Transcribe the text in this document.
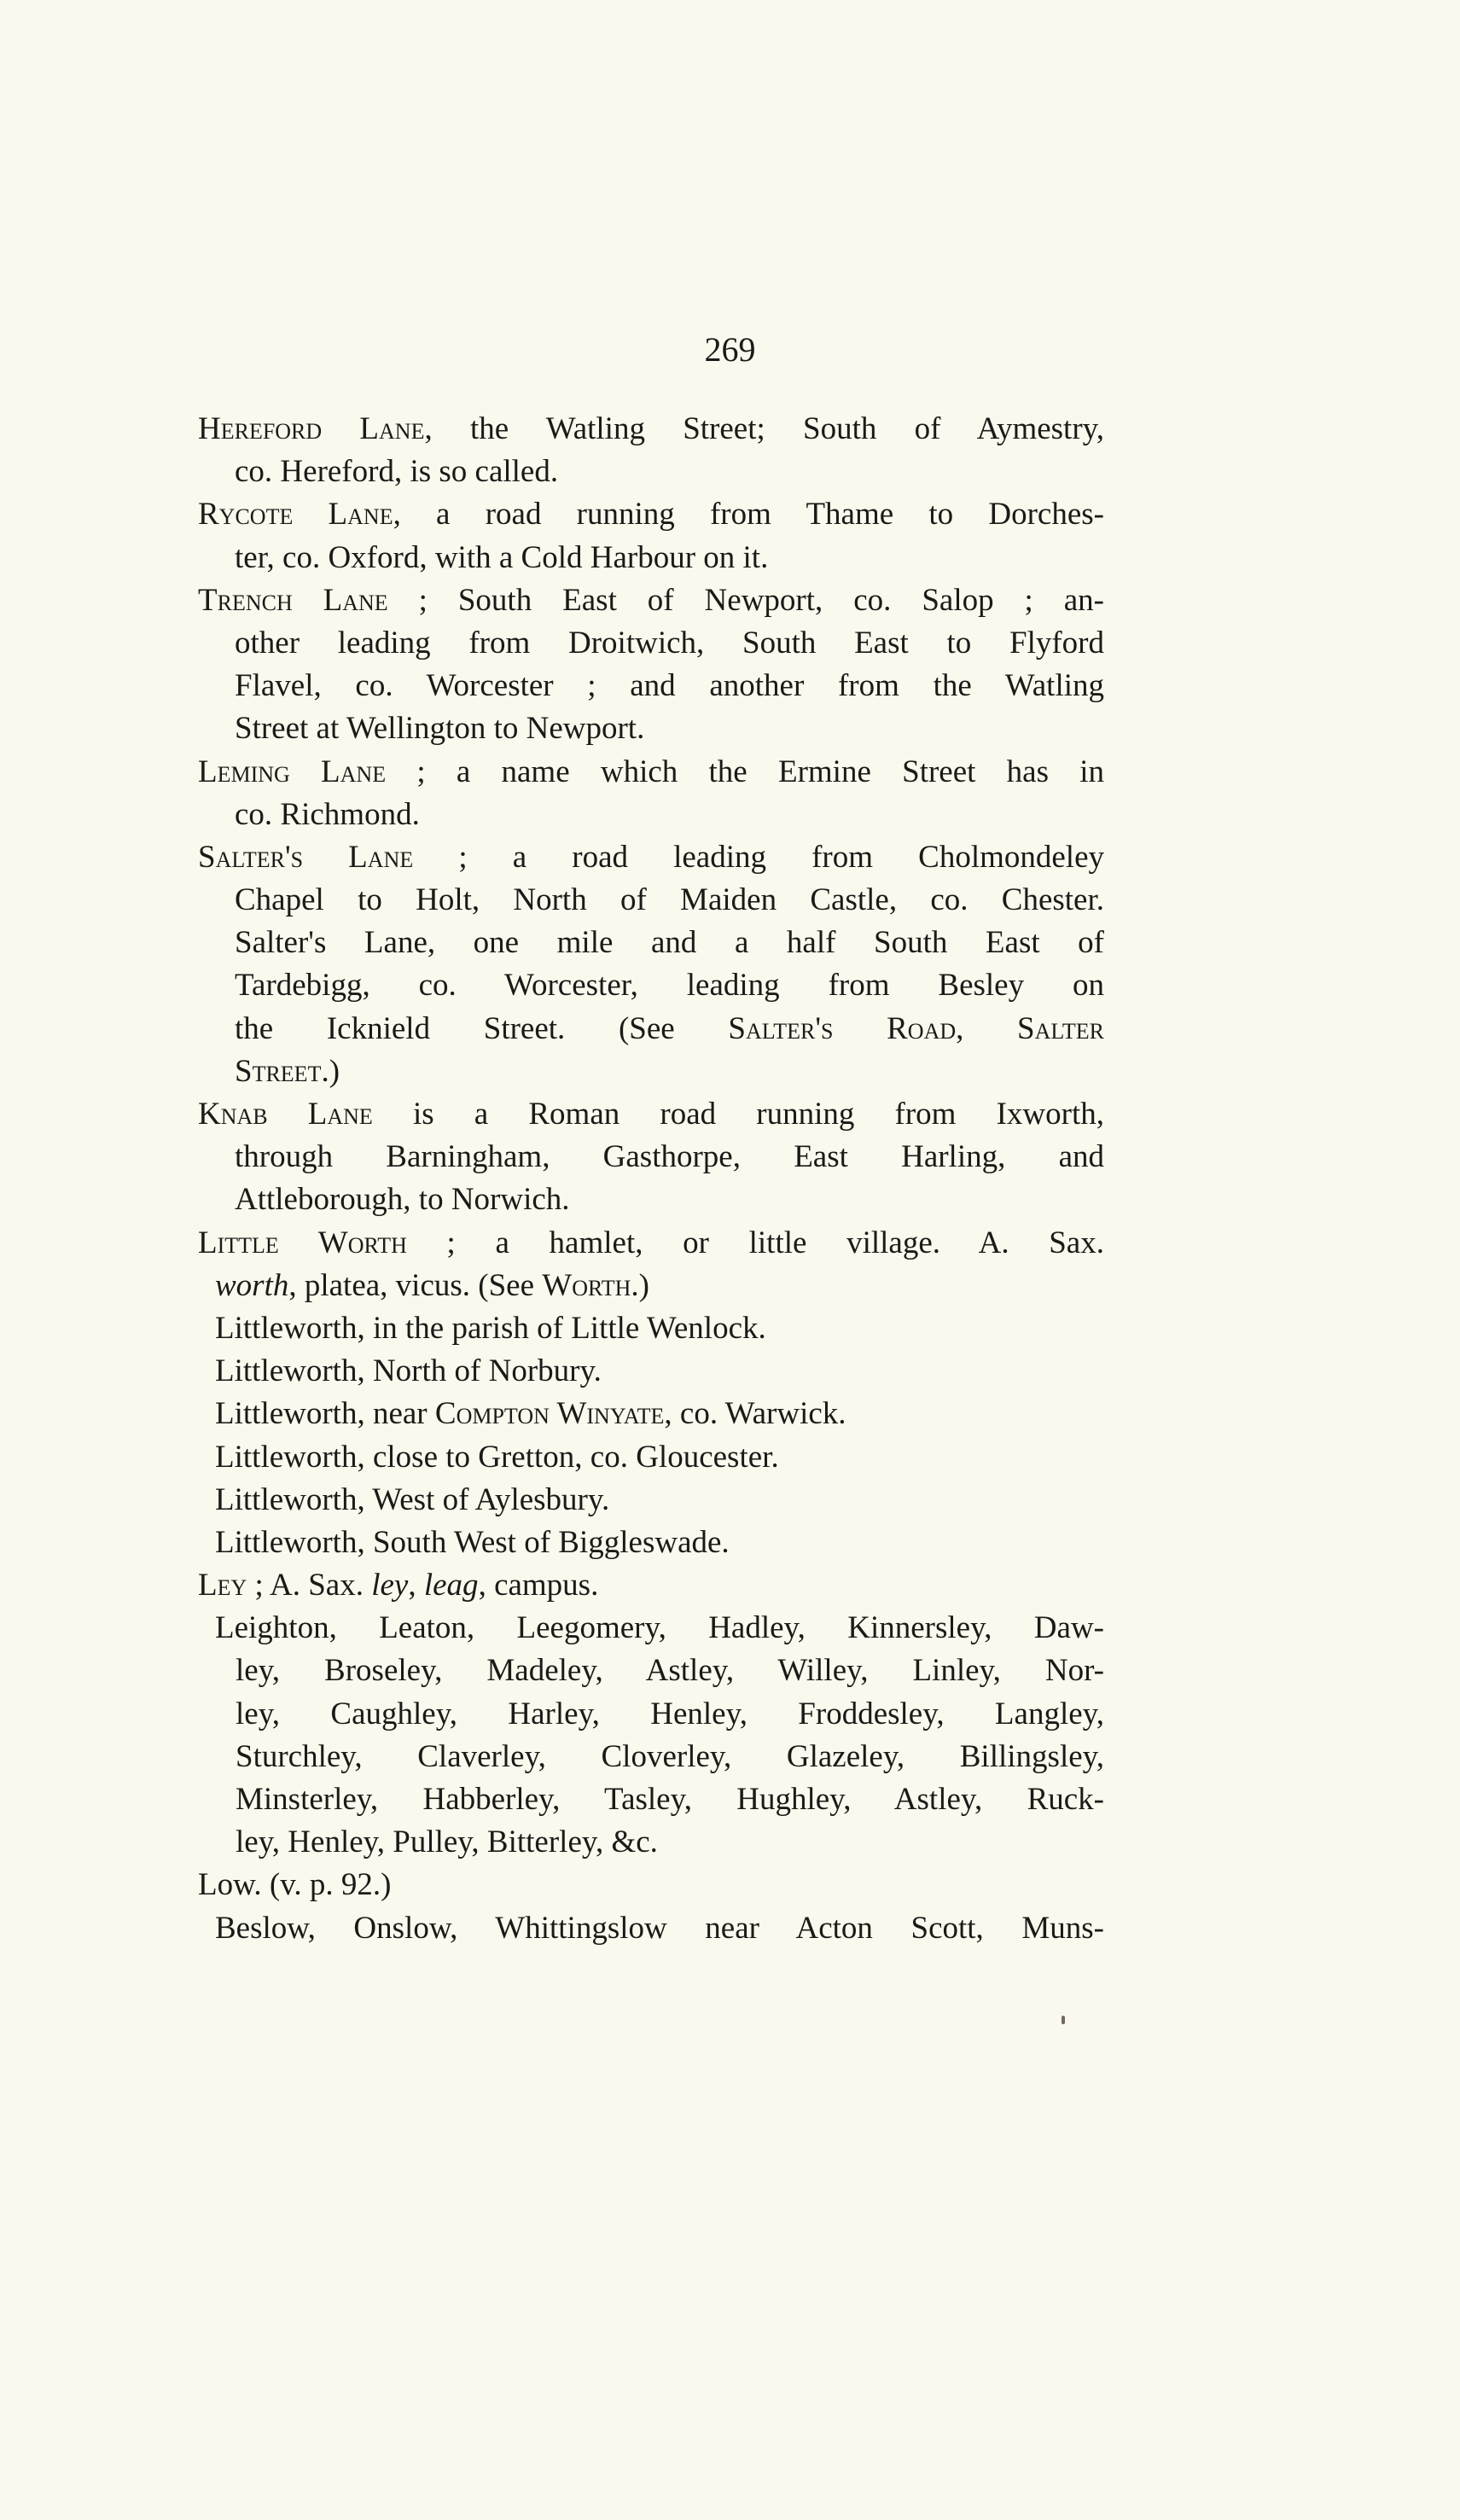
269
Hereford Lane, the Watling Street; South of Aymestry,
co. Hereford, is so called.
Rycote Lane, a road running from Thame to Dorches-
ter, co. Oxford, with a Cold Harbour on it.
Trench Lane ; South East of Newport, co. Salop ; an-
other leading from Droitwich, South East to Flyford
Flavel, co. Worcester ; and another from the Watling
Street at Wellington to Newport.
Leming Lane ; a name which the Ermine Street has in
co. Richmond.
Salter's Lane ; a road leading from Cholmondeley
Chapel to Holt, North of Maiden Castle, co. Chester.
Salter's Lane, one mile and a half South East of
Tardebigg, co. Worcester, leading from Besley on
the Icknield Street. (See Salter's Road, Salter
Street.)
Knab Lane is a Roman road running from Ixworth,
through Barningham, Gasthorpe, East Harling, and
Attleborough, to Norwich.
Little Worth ; a hamlet, or little village. A. Sax.
worth, platea, vicus. (See Worth.)
Littleworth, in the parish of Little Wenlock.
Littleworth, North of Norbury.
Littleworth, near Compton Winyate, co. Warwick.
Littleworth, close to Gretton, co. Gloucester.
Littleworth, West of Aylesbury.
Littleworth, South West of Biggleswade.
Ley ; A. Sax. ley, leag, campus.
Leighton, Leaton, Leegomery, Hadley, Kinnersley, Daw-
ley, Broseley, Madeley, Astley, Willey, Linley, Nor-
ley, Caughley, Harley, Henley, Froddesley, Langley,
Sturchley, Claverley, Cloverley, Glazeley, Billingsley,
Minsterley, Habberley, Tasley, Hughley, Astley, Ruck-
ley, Henley, Pulley, Bitterley, &c.
Low. (v. p. 92.)
Beslow, Onslow, Whittingslow near Acton Scott, Muns-
